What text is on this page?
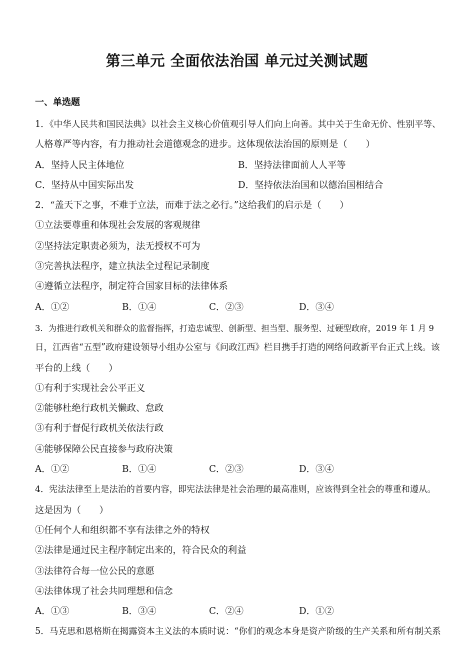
第三单元 全面依法治国 单元过关测试题
一、单选题
1．《中华人民共和国民法典》以社会主义核心价值观引导人们向上向善。其中关于生命无价、性别平等、
人格尊严等内容，有力推动社会道德观念的进步。这体现依法治国的原则是（　　）
A．坚持人民主体地位	B．坚持法律面前人人平等
C．坚持从中国实际出发	D．坚持依法治国和以德治国相结合
2．“盖天下之事，不难于立法，而难于法之必行。”这给我们的启示是（　　）
①立法要尊重和体现社会发展的客观规律
②坚持法定职责必须为，法无授权不可为
③完善执法程序，建立执法全过程记录制度
④遵循立法程序，制定符合国家目标的法律体系
A．①②	B．①④	C．②③	D．③④
3．为推进行政机关和群众的监督指挥，打造忠诚型、创新型、担当型、服务型、过硬型政府，2019 年 1 月 9
日，江西省“五型”政府建设领导小组办公室与《问政江西》栏目携手打造的网络问政新平台正式上线。该
平台的上线（　　）
①有利于实现社会公平正义
②能够杜绝行政机关懒政、怠政
③有利于督促行政机关依法行政
④能够保障公民直接参与政府决策
A．①②	B．①④	C．②③	D．③④
4．宪法法律至上是法治的首要内容，即宪法法律是社会治理的最高准则，应该得到全社会的尊重和遵从。
这是因为（　　）
①任何个人和组织都不享有法律之外的特权
②法律是通过民主程序制定出来的，符合民众的利益
③法律符合每一位公民的意愿
④法律体现了社会共同理想和信念
A．①③	B．③④	C．②④	D．①②
5．马克思和恩格斯在揭露资本主义法的本质时说：“你们的观念本身是资产阶级的生产关系和所有制关系
